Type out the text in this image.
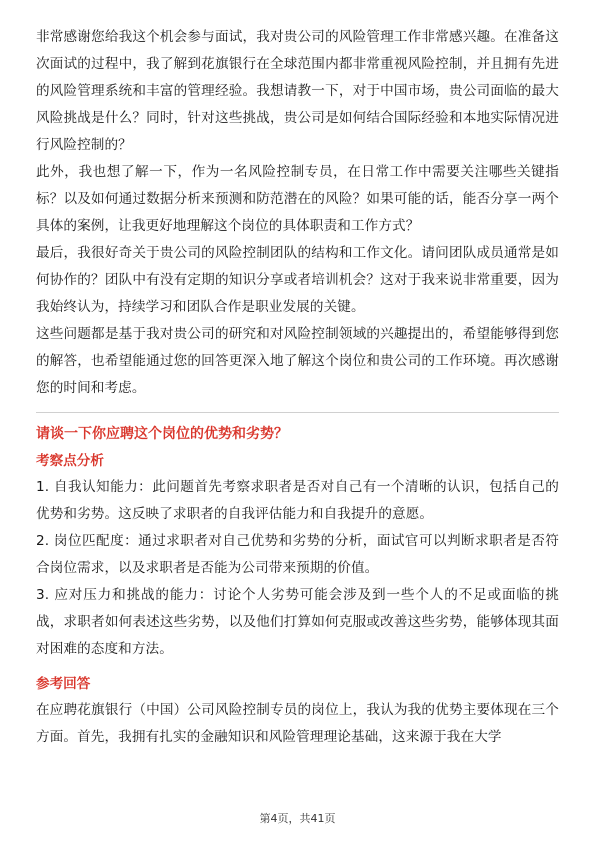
非常感谢您给我这个机会参与面试，我对贵公司的风险管理工作非常感兴趣。在准备这次面试的过程中，我了解到花旗银行在全球范围内都非常重视风险控制，并且拥有先进的风险管理系统和丰富的管理经验。我想请教一下，对于中国市场，贵公司面临的最大风险挑战是什么？同时，针对这些挑战，贵公司是如何结合国际经验和本地实际情况进行风险控制的？

此外，我也想了解一下，作为一名风险控制专员，在日常工作中需要关注哪些关键指标？以及如何通过数据分析来预测和防范潜在的风险？如果可能的话，能否分享一两个具体的案例，让我更好地理解这个岗位的具体职责和工作方式？

最后，我很好奇关于贵公司的风险控制团队的结构和工作文化。请问团队成员通常是如何协作的？团队中有没有定期的知识分享或者培训机会？这对于我来说非常重要，因为我始终认为，持续学习和团队合作是职业发展的关键。

这些问题都是基于我对贵公司的研究和对风险控制领域的兴趣提出的，希望能够得到您的解答，也希望能通过您的回答更深入地了解这个岗位和贵公司的工作环境。再次感谢您的时间和考虑。

请谈一下你应聘这个岗位的优势和劣势？

考察点分析

1. 自我认知能力：此问题首先考察求职者是否对自己有一个清晰的认识，包括自己的优势和劣势。这反映了求职者的自我评估能力和自我提升的意愿。

2. 岗位匹配度：通过求职者对自己优势和劣势的分析，面试官可以判断求职者是否符合岗位需求，以及求职者是否能为公司带来预期的价值。

3. 应对压力和挑战的能力：讨论个人劣势可能会涉及到一些个人的不足或面临的挑战，求职者如何表述这些劣势，以及他们打算如何克服或改善这些劣势，能够体现其面对困难的态度和方法。

参考回答

在应聘花旗银行（中国）公司风险控制专员的岗位上，我认为我的优势主要体现在三个方面。首先，我拥有扎实的金融知识和风险管理理论基础，这来源于我在大学

第4页，共41页
